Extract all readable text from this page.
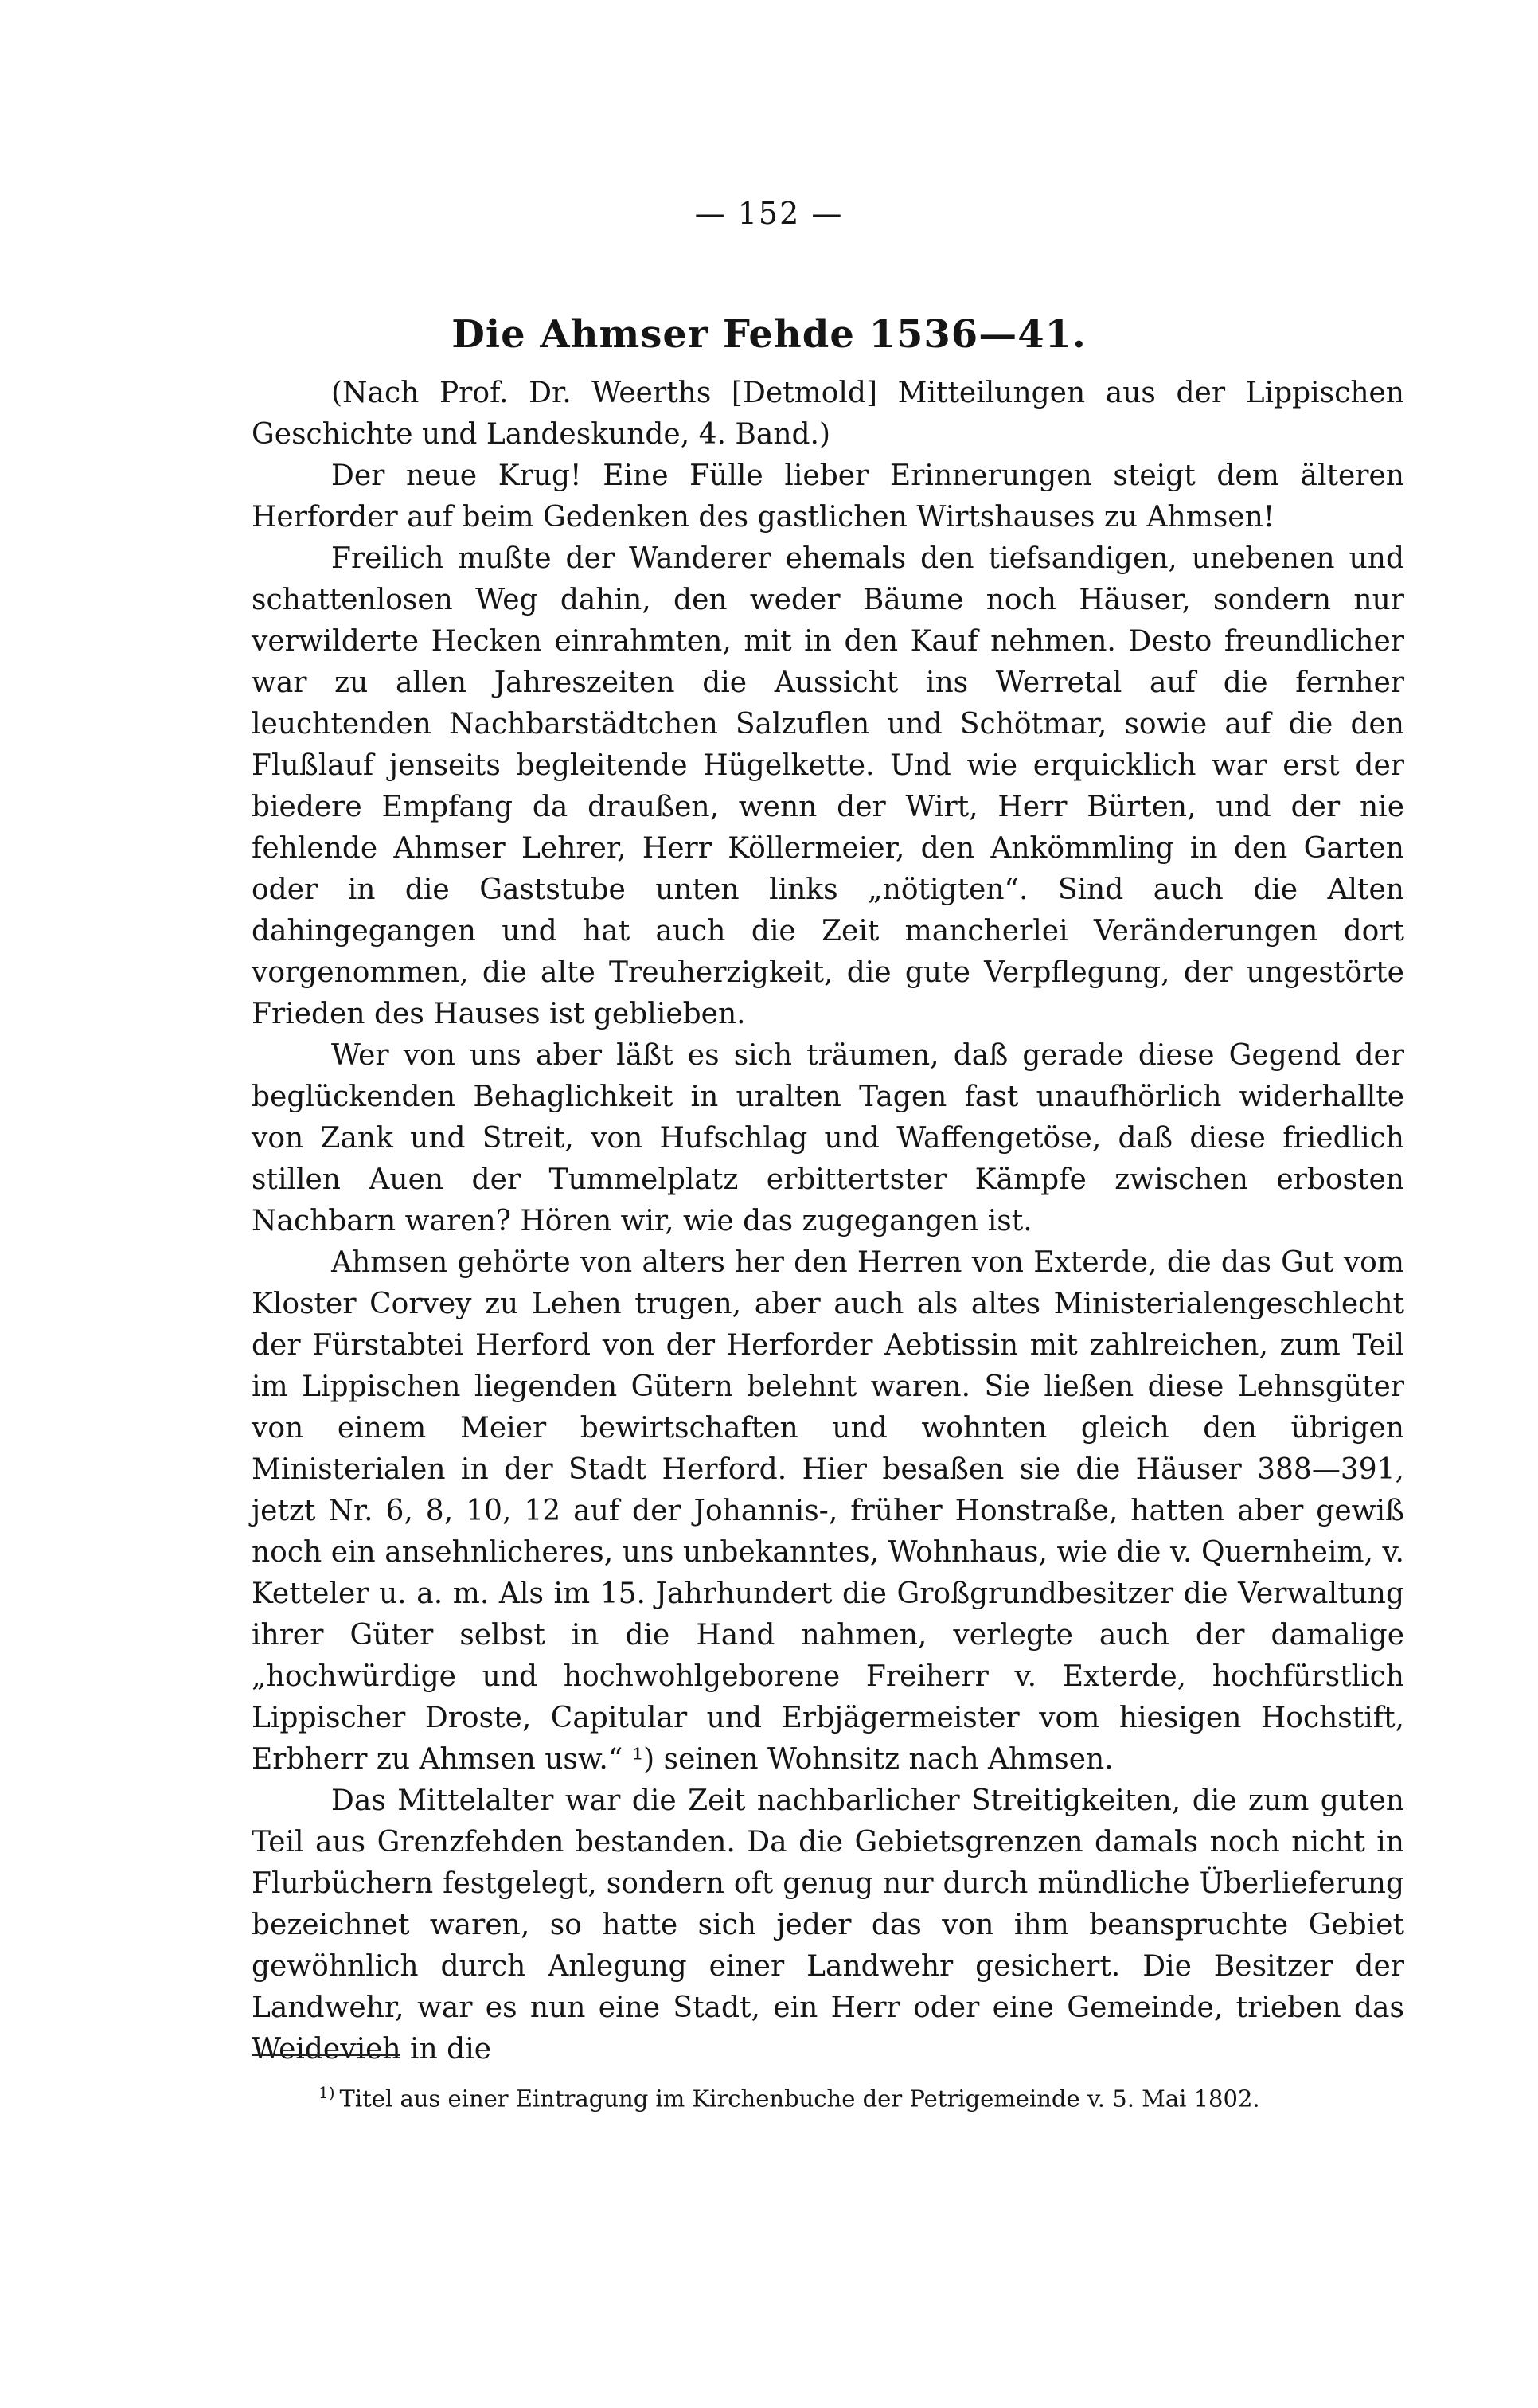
— 152 —
Die Ahmser Fehde 1536—41.

(Nach Prof. Dr. Weerths [Detmold] Mitteilungen aus der Lippischen Geschichte und Landeskunde, 4. Band.)

Der neue Krug! Eine Fülle lieber Erinnerungen steigt dem älteren Herforder auf beim Gedenken des gastlichen Wirtshauses zu Ahmsen!

Freilich mußte der Wanderer ehemals den tiefsandigen, unebenen und schattenlosen Weg dahin, den weder Bäume noch Häuser, sondern nur verwilderte Hecken einrahmten, mit in den Kauf nehmen. Desto freundlicher war zu allen Jahreszeiten die Aussicht ins Werretal auf die fernher leuchtenden Nachbarstädtchen Salzuflen und Schötmar, sowie auf die den Flußlauf jenseits begleitende Hügelkette. Und wie erquicklich war erst der biedere Empfang da draußen, wenn der Wirt, Herr Bürten, und der nie fehlende Ahmser Lehrer, Herr Köllermeier, den Ankömmling in den Garten oder in die Gaststube unten links „nötigten“. Sind auch die Alten dahingegangen und hat auch die Zeit mancherlei Veränderungen dort vorgenommen, die alte Treuherzigkeit, die gute Verpflegung, der ungestörte Frieden des Hauses ist geblieben.

Wer von uns aber läßt es sich träumen, daß gerade diese Gegend der beglückenden Behaglichkeit in uralten Tagen fast unaufhörlich widerhallte von Zank und Streit, von Hufschlag und Waffengetöse, daß diese friedlich stillen Auen der Tummelplatz erbittertster Kämpfe zwischen erbosten Nachbarn waren? Hören wir, wie das zugegangen ist.

Ahmsen gehörte von alters her den Herren von Exterde, die das Gut vom Kloster Corvey zu Lehen trugen, aber auch als altes Ministerialengeschlecht der Fürstabtei Herford von der Herforder Aebtissin mit zahlreichen, zum Teil im Lippischen liegenden Gütern belehnt waren. Sie ließen diese Lehnsgüter von einem Meier bewirtschaften und wohnten gleich den übrigen Ministerialen in der Stadt Herford. Hier besaßen sie die Häuser 388—391, jetzt Nr. 6, 8, 10, 12 auf der Johannis-, früher Honstraße, hatten aber gewiß noch ein ansehnlicheres, uns unbekanntes, Wohnhaus, wie die v. Quernheim, v. Ketteler u. a. m. Als im 15. Jahrhundert die Großgrundbesitzer die Verwaltung ihrer Güter selbst in die Hand nahmen, verlegte auch der damalige „hochwürdige und hochwohlgeborene Freiherr v. Exterde, hochfürstlich Lippischer Droste, Capitular und Erbjägermeister vom hiesigen Hochstift, Erbherr zu Ahmsen usw.“ ¹) seinen Wohnsitz nach Ahmsen.

Das Mittelalter war die Zeit nachbarlicher Streitigkeiten, die zum guten Teil aus Grenzfehden bestanden. Da die Gebietsgrenzen damals noch nicht in Flurbüchern festgelegt, sondern oft genug nur durch mündliche Überlieferung bezeichnet waren, so hatte sich jeder das von ihm beanspruchte Gebiet gewöhnlich durch Anlegung einer Landwehr gesichert. Die Besitzer der Landwehr, war es nun eine Stadt, ein Herr oder eine Gemeinde, trieben das Weidevieh in die

$^{1)}$ Titel aus einer Eintragung im Kirchenbuche der Petrigemeinde v. 5. Mai 1802.
